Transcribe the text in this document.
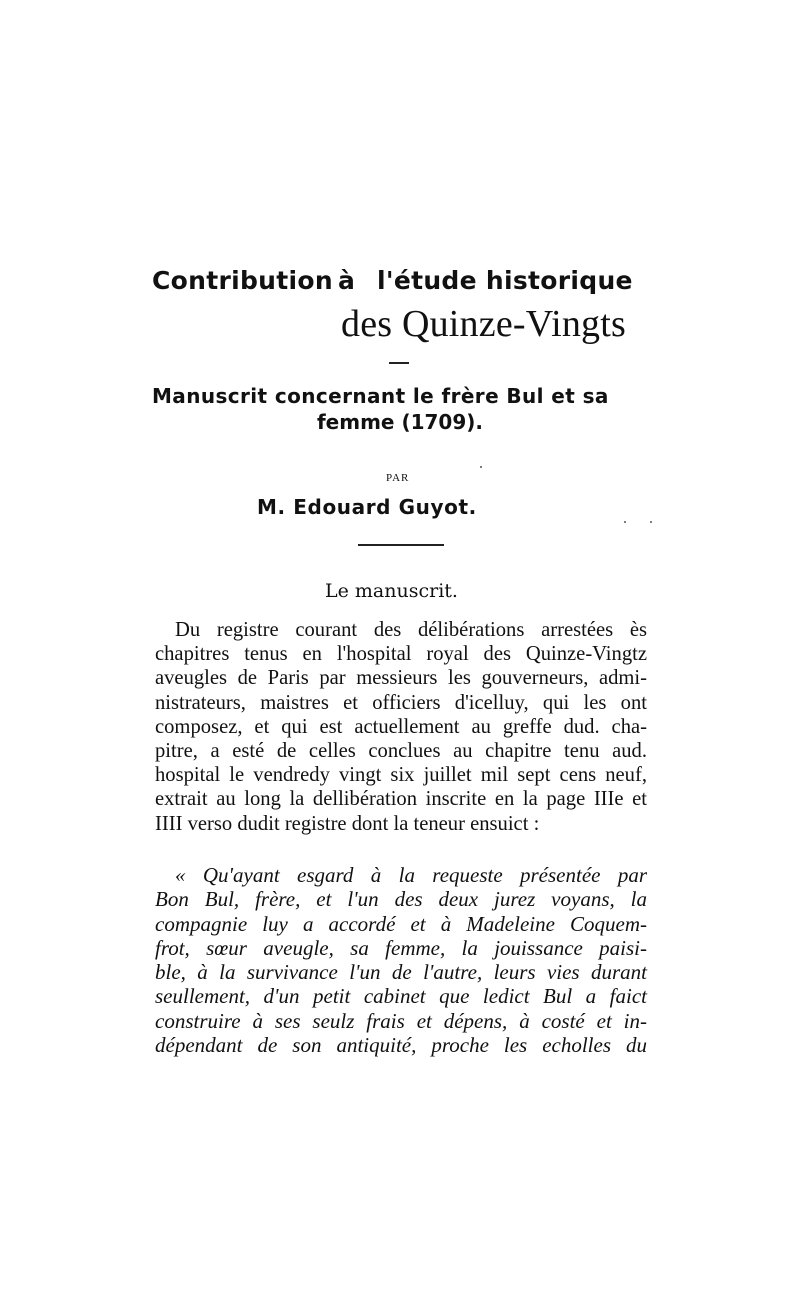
Contribution à l'étude historique
des Quinze-Vingts
Manuscrit concernant le frère Bul et sa
femme (1709).
PAR
M. Edouard Guyot.
Le manuscrit.
Du registre courant des délibérations arrestées ès
chapitres tenus en l'hospital royal des Quinze-Vingtz
aveugles de Paris par messieurs les gouverneurs, admi-
nistrateurs, maistres et officiers d'icelluy, qui les ont
composez, et qui est actuellement au greffe dud. cha-
pitre, a esté de celles conclues au chapitre tenu aud.
hospital le vendredy vingt six juillet mil sept cens neuf,
extrait au long la dellibération inscrite en la page IIIe et
IIII verso dudit registre dont la teneur ensuict :
« Qu'ayant esgard à la requeste présentée par
Bon Bul, frère, et l'un des deux jurez voyans, la
compagnie luy a accordé et à Madeleine Coquem-
frot, sœur aveugle, sa femme, la jouissance paisi-
ble, à la survivance l'un de l'autre, leurs vies durant
seullement, d'un petit cabinet que ledict Bul a faict
construire à ses seulz frais et dépens, à costé et in-
dépendant de son antiquité, proche les echolles du
